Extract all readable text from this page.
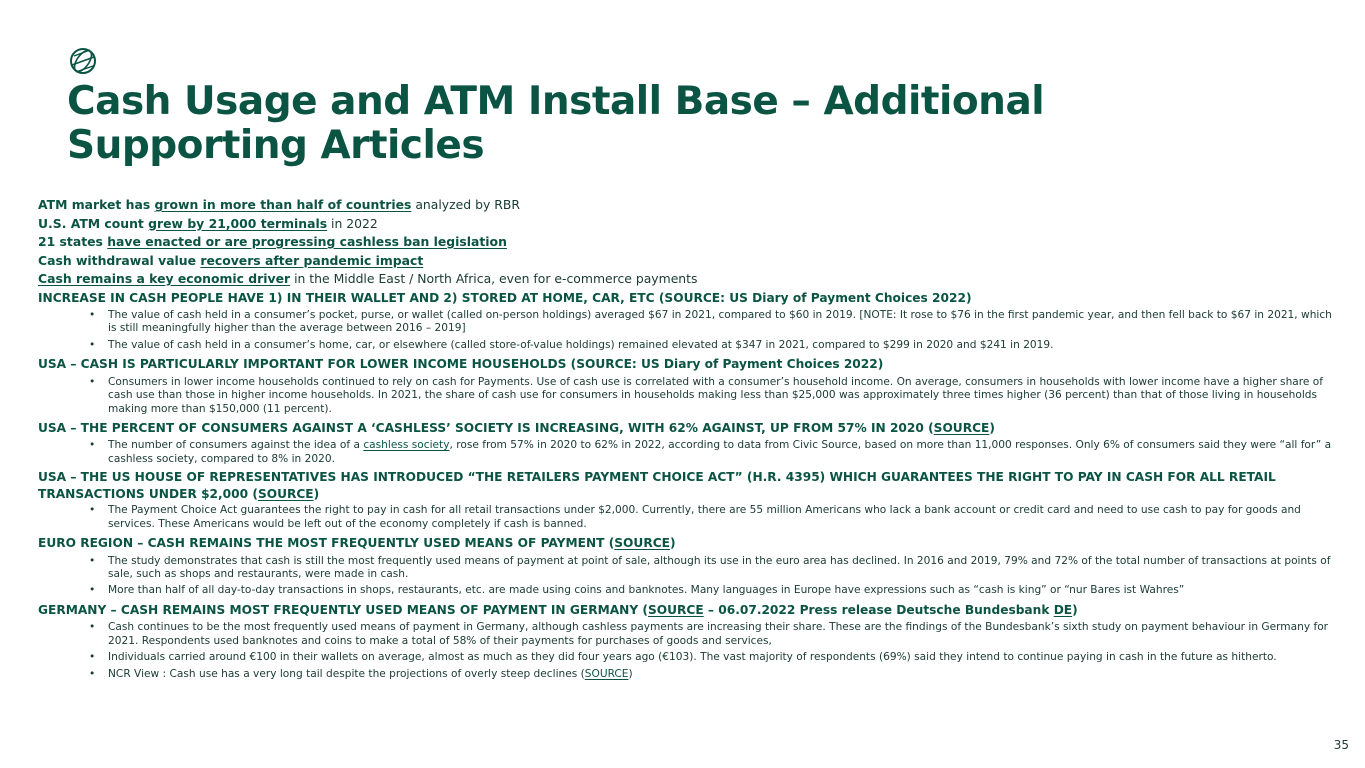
Cash Usage and ATM Install Base – Additional Supporting Articles
ATM market has grown in more than half of countries analyzed by RBR
U.S. ATM count grew by 21,000 terminals in 2022
21 states have enacted or are progressing cashless ban legislation
Cash withdrawal value recovers after pandemic impact
Cash remains a key economic driver in the Middle East / North Africa, even for e-commerce payments
INCREASE IN CASH PEOPLE HAVE 1) IN THEIR WALLET AND 2) STORED AT HOME, CAR, ETC (SOURCE: US Diary of Payment Choices 2022)
• The value of cash held in a consumer’s pocket, purse, or wallet (called on-person holdings) averaged $67 in 2021, compared to $60 in 2019. [NOTE: It rose to $76 in the first pandemic year, and then fell back to $67 in 2021, which is still meaningfully higher than the average between 2016 – 2019]
• The value of cash held in a consumer’s home, car, or elsewhere (called store-of-value holdings) remained elevated at $347 in 2021, compared to $299 in 2020 and $241 in 2019.
USA – CASH IS PARTICULARLY IMPORTANT FOR LOWER INCOME HOUSEHOLDS (SOURCE: US Diary of Payment Choices 2022)
• Consumers in lower income households continued to rely on cash for Payments. Use of cash use is correlated with a consumer’s household income. On average, consumers in households with lower income have a higher share of cash use than those in higher income households. In 2021, the share of cash use for consumers in households making less than $25,000 was approximately three times higher (36 percent) than that of those living in households making more than $150,000 (11 percent).
USA – THE PERCENT OF CONSUMERS AGAINST A ‘CASHLESS’ SOCIETY IS INCREASING, WITH 62% AGAINST, UP FROM 57% IN 2020 (SOURCE)
• The number of consumers against the idea of a cashless society, rose from 57% in 2020 to 62% in 2022, according to data from Civic Source, based on more than 11,000 responses. Only 6% of consumers said they were “all for” a cashless society, compared to 8% in 2020.
USA – THE US HOUSE OF REPRESENTATIVES HAS INTRODUCED “THE RETAILERS PAYMENT CHOICE ACT” (H.R. 4395) WHICH GUARANTEES THE RIGHT TO PAY IN CASH FOR ALL RETAIL TRANSACTIONS UNDER $2,000 (SOURCE)
• The Payment Choice Act guarantees the right to pay in cash for all retail transactions under $2,000. Currently, there are 55 million Americans who lack a bank account or credit card and need to use cash to pay for goods and services. These Americans would be left out of the economy completely if cash is banned.
EURO REGION – CASH REMAINS THE MOST FREQUENTLY USED MEANS OF PAYMENT (SOURCE)
• The study demonstrates that cash is still the most frequently used means of payment at point of sale, although its use in the euro area has declined. In 2016 and 2019, 79% and 72% of the total number of transactions at points of sale, such as shops and restaurants, were made in cash.
• More than half of all day-to-day transactions in shops, restaurants, etc. are made using coins and banknotes. Many languages in Europe have expressions such as “cash is king” or “nur Bares ist Wahres”
GERMANY – CASH REMAINS MOST FREQUENTLY USED MEANS OF PAYMENT IN GERMANY (SOURCE – 06.07.2022 Press release Deutsche Bundesbank DE)
• Cash continues to be the most frequently used means of payment in Germany, although cashless payments are increasing their share. These are the findings of the Bundesbank’s sixth study on payment behaviour in Germany for 2021. Respondents used banknotes and coins to make a total of 58% of their payments for purchases of goods and services,
• Individuals carried around €100 in their wallets on average, almost as much as they did four years ago (€103). The vast majority of respondents (69%) said they intend to continue paying in cash in the future as hitherto.
• NCR View : Cash use has a very long tail despite the projections of overly steep declines (SOURCE)
35
